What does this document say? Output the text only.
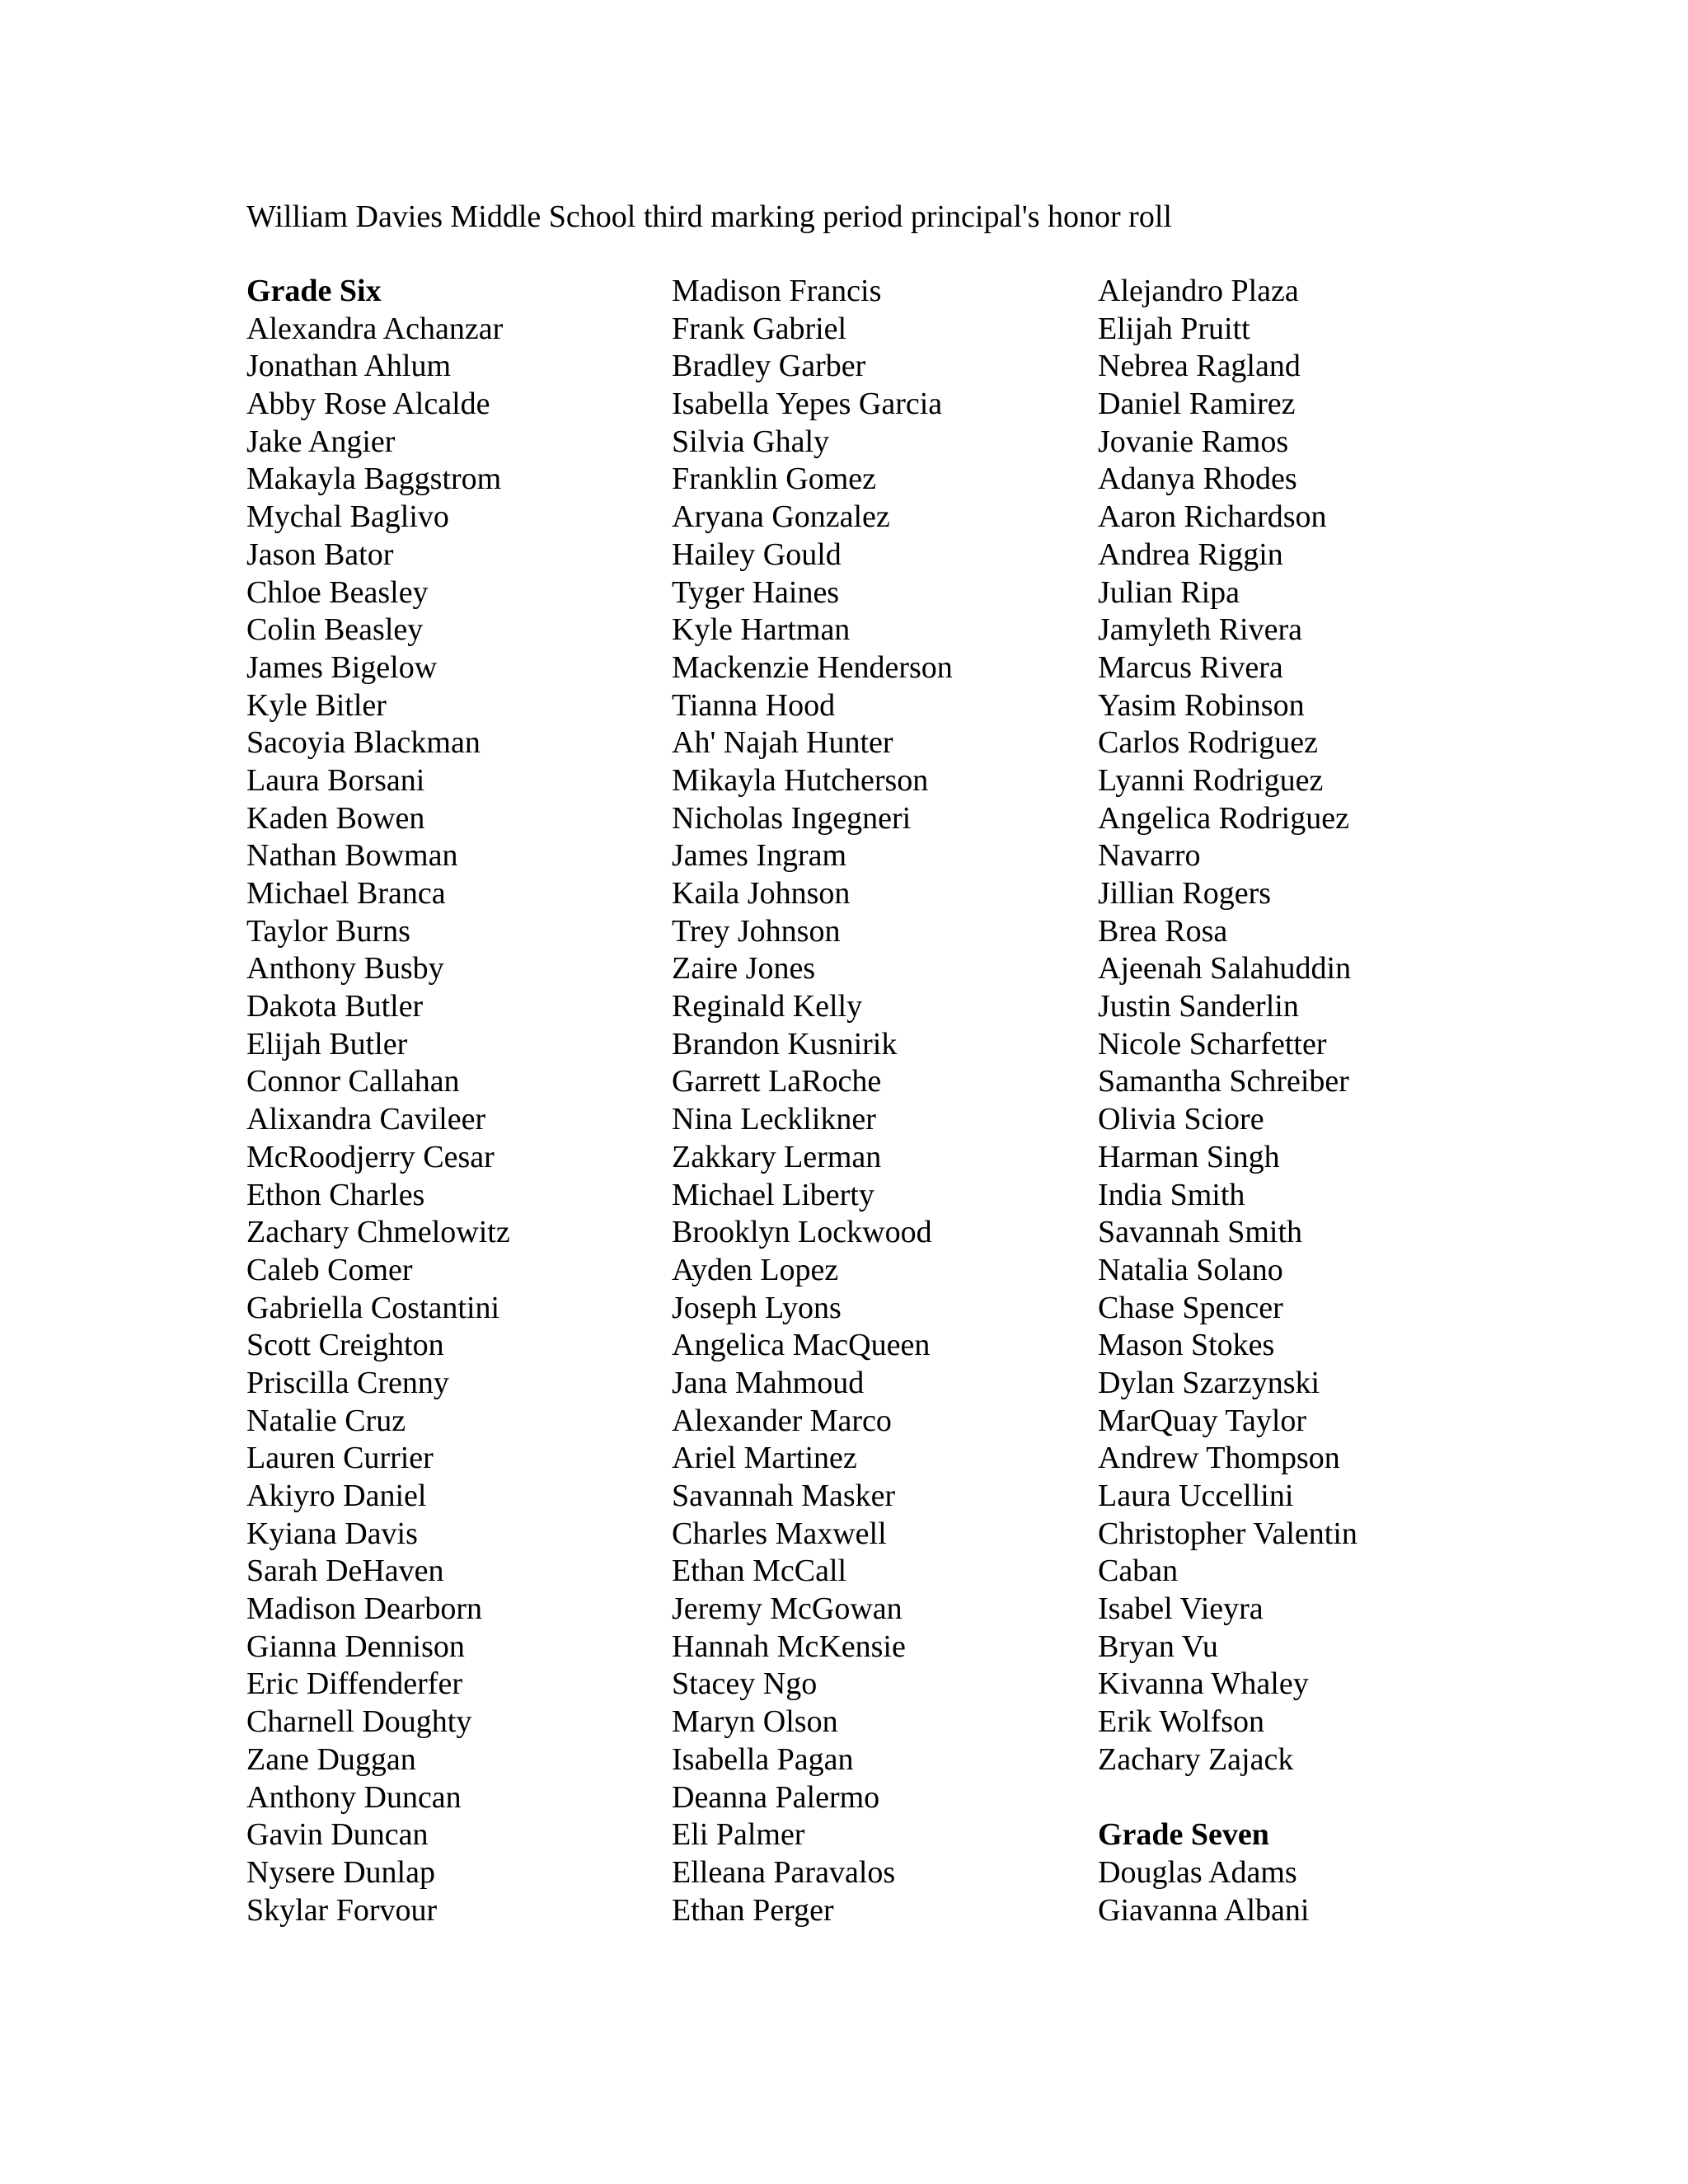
William Davies Middle School third marking period principal's honor roll
Grade Six
Alexandra Achanzar
Jonathan Ahlum
Abby Rose Alcalde
Jake Angier
Makayla Baggstrom
Mychal Baglivo
Jason Bator
Chloe Beasley
Colin Beasley
James Bigelow
Kyle Bitler
Sacoyia Blackman
Laura Borsani
Kaden Bowen
Nathan Bowman
Michael Branca
Taylor Burns
Anthony Busby
Dakota Butler
Elijah Butler
Connor Callahan
Alixandra Cavileer
McRoodjerry Cesar
Ethon Charles
Zachary Chmelowitz
Caleb Comer
Gabriella Costantini
Scott Creighton
Priscilla Crenny
Natalie Cruz
Lauren Currier
Akiyro Daniel
Kyiana Davis
Sarah DeHaven
Madison Dearborn
Gianna Dennison
Eric Diffenderfer
Charnell Doughty
Zane Duggan
Anthony Duncan
Gavin Duncan
Nysere Dunlap
Skylar Forvour
Madison Francis
Frank Gabriel
Bradley Garber
Isabella Yepes Garcia
Silvia Ghaly
Franklin Gomez
Aryana Gonzalez
Hailey Gould
Tyger Haines
Kyle Hartman
Mackenzie Henderson
Tianna Hood
Ah' Najah Hunter
Mikayla Hutcherson
Nicholas Ingegneri
James Ingram
Kaila Johnson
Trey Johnson
Zaire Jones
Reginald Kelly
Brandon Kusnirik
Garrett LaRoche
Nina Lecklikner
Zakkary Lerman
Michael Liberty
Brooklyn Lockwood
Ayden Lopez
Joseph Lyons
Angelica MacQueen
Jana Mahmoud
Alexander Marco
Ariel Martinez
Savannah Masker
Charles Maxwell
Ethan McCall
Jeremy McGowan
Hannah McKensie
Stacey Ngo
Maryn Olson
Isabella Pagan
Deanna Palermo
Eli Palmer
Elleana Paravalos
Ethan Perger
Alejandro Plaza
Elijah Pruitt
Nebrea Ragland
Daniel Ramirez
Jovanie Ramos
Adanya Rhodes
Aaron Richardson
Andrea Riggin
Julian Ripa
Jamyleth Rivera
Marcus Rivera
Yasim Robinson
Carlos Rodriguez
Lyanni Rodriguez
Angelica Rodriguez
Navarro
Jillian Rogers
Brea Rosa
Ajeenah Salahuddin
Justin Sanderlin
Nicole Scharfetter
Samantha Schreiber
Olivia Sciore
Harman Singh
India Smith
Savannah Smith
Natalia Solano
Chase Spencer
Mason Stokes
Dylan Szarzynski
MarQuay Taylor
Andrew Thompson
Laura Uccellini
Christopher Valentin
Caban
Isabel Vieyra
Bryan Vu
Kivanna Whaley
Erik Wolfson
Zachary Zajack
Grade Seven
Douglas Adams
Giavanna Albani
